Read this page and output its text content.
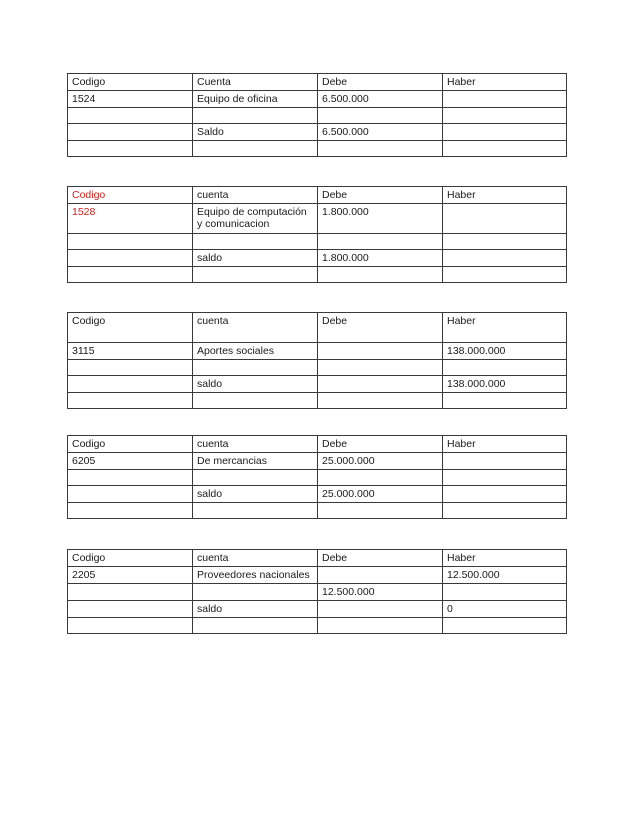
Codigo	Cuenta	Debe	Haber
1524	Equipo de oficina	6.500.000	

	Saldo	6.500.000	

Codigo	cuenta	Debe	Haber
1528	Equipo de computación y comunicacion	1.800.000	

	saldo	1.800.000	

Codigo	cuenta	Debe	Haber
3115	Aportes sociales		138.000.000

	saldo		138.000.000

Codigo	cuenta	Debe	Haber
6205	De mercancias	25.000.000	

	saldo	25.000.000	

Codigo	cuenta	Debe	Haber
2205	Proveedores nacionales		12.500.000
		12.500.000	
	saldo		0
